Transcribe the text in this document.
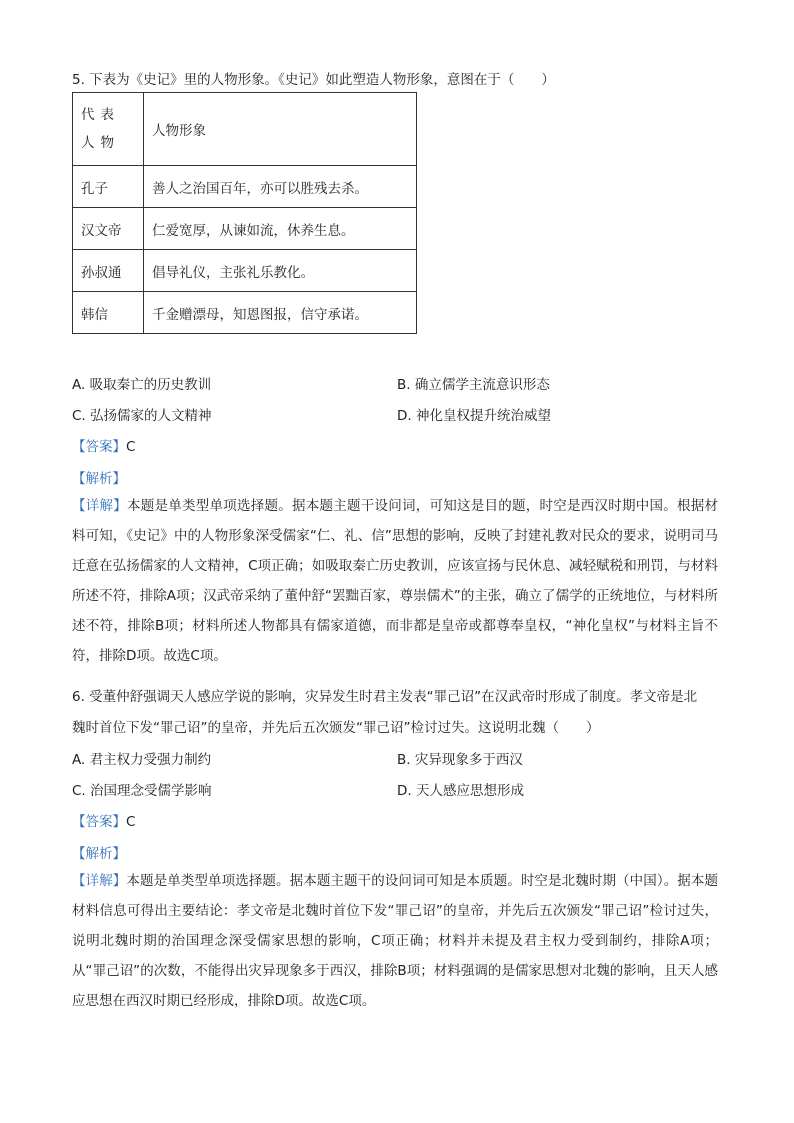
5. 下表为《史记》里的人物形象。《史记》如此塑造人物形象，意图在于（　　）
代表人物	人物形象
孔子	善人之治国百年，亦可以胜残去杀。
汉文帝	仁爱宽厚，从谏如流，休养生息。
孙叔通	倡导礼仪，主张礼乐教化。
韩信	千金赠漂母，知恩图报，信守承诺。
A. 吸取秦亡的历史教训	B. 确立儒学主流意识形态
C. 弘扬儒家的人文精神	D. 神化皇权提升统治威望
【答案】C
【解析】

【详解】本题是单类型单项选择题。据本题主题干设问词，可知这是目的题，时空是西汉时期中国。根据材料可知，《史记》中的人物形象深受儒家“仁、礼、信”思想的影响，反映了封建礼教对民众的要求，说明司马迁意在弘扬儒家的人文精神，C项正确；如吸取秦亡历史教训，应该宣扬与民休息、减轻赋税和刑罚，与材料所述不符，排除A项；汉武帝采纳了董仲舒“罢黜百家，尊崇儒术”的主张，确立了儒学的正统地位，与材料所述不符，排除B项；材料所述人物都具有儒家道德，而非都是皇帝或都尊奉皇权，“神化皇权”与材料主旨不符，排除D项。故选C项。

6. 受董仲舒强调天人感应学说的影响，灾异发生时君主发表“罪己诏”在汉武帝时形成了制度。孝文帝是北
魏时首位下发“罪己诏”的皇帝，并先后五次颁发“罪己诏”检讨过失。这说明北魏（　　）
A. 君主权力受强力制约	B. 灾异现象多于西汉
C. 治国理念受儒学影响	D. 天人感应思想形成
【答案】C
【解析】

【详解】本题是单类型单项选择题。据本题主题干的设问词可知是本质题。时空是北魏时期（中国）。据本题材料信息可得出主要结论：孝文帝是北魏时首位下发“罪己诏”的皇帝，并先后五次颁发“罪己诏”检讨过失，说明北魏时期的治国理念深受儒家思想的影响，C项正确；材料并未提及君主权力受到制约，排除A项；从“罪己诏”的次数，不能得出灾异现象多于西汉，排除B项；材料强调的是儒家思想对北魏的影响，且天人感应思想在西汉时期已经形成，排除D项。故选C项。
